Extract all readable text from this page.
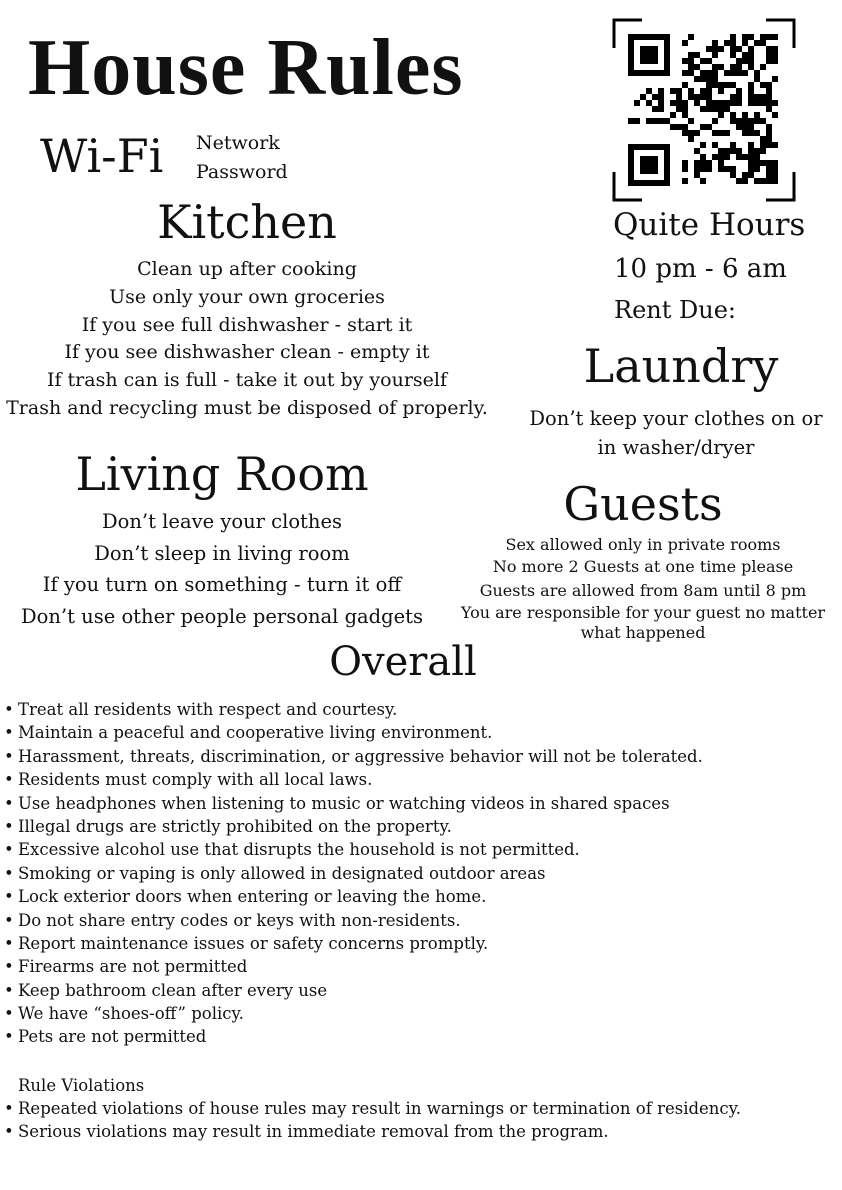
House Rules
Wi-Fi Network
Password
Kitchen
Clean up after cooking
Use only your own groceries
If you see full dishwasher - start it
If you see dishwasher clean - empty it
If trash can is full - take it out by yourself
Trash and recycling must be disposed of properly.
Living Room
Don’t leave your clothes
Don’t sleep in living room
If you turn on something - turn it off
Don’t use other people personal gadgets
Quite Hours
10 pm - 6 am
Rent Due:
Laundry
Don’t keep your clothes on or
in washer/dryer
Guests
Sex allowed only in private rooms
No more 2 Guests at one time please
Guests are allowed from 8am until 8 pm
You are responsible for your guest no matter
what happened
Overall
• Treat all residents with respect and courtesy.
• Maintain a peaceful and cooperative living environment.
• Harassment, threats, discrimination, or aggressive behavior will not be tolerated.
• Residents must comply with all local laws.
• Use headphones when listening to music or watching videos in shared spaces
• Illegal drugs are strictly prohibited on the property.
• Excessive alcohol use that disrupts the household is not permitted.
• Smoking or vaping is only allowed in designated outdoor areas
• Lock exterior doors when entering or leaving the home.
• Do not share entry codes or keys with non-residents.
• Report maintenance issues or safety concerns promptly.
• Firearms are not permitted
• Keep bathroom clean after every use
• We have “shoes-off” policy.
• Pets are not permitted
Rule Violations
• Repeated violations of house rules may result in warnings or termination of residency.
• Serious violations may result in immediate removal from the program.
